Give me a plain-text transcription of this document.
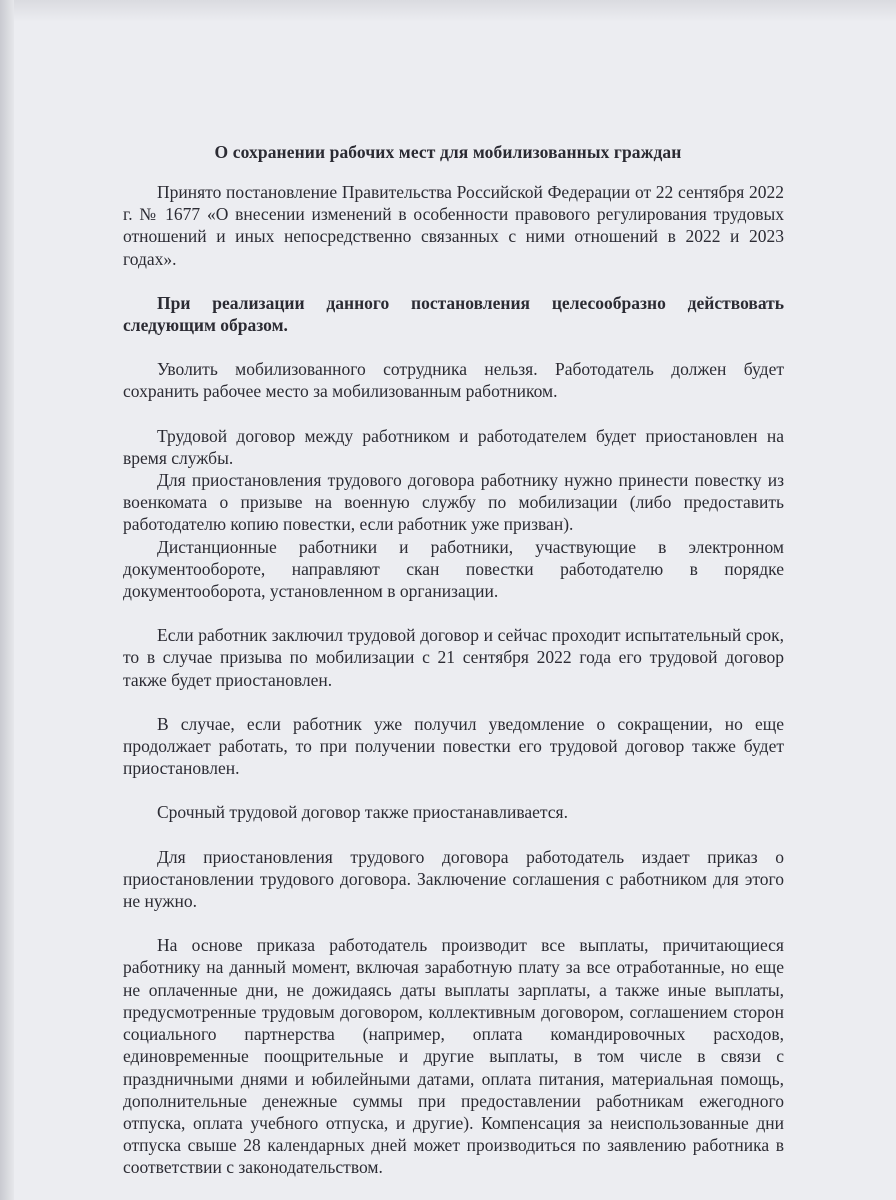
О сохранении рабочих мест для мобилизованных граждан

Принято постановление Правительства Российской Федерации от 22 сентября 2022 г. № 1677 «О внесении изменений в особенности правового регулирования трудовых отношений и иных непосредственно связанных с ними отношений в 2022 и 2023 годах».

При реализации данного постановления целесообразно действовать следующим образом.

Уволить мобилизованного сотрудника нельзя. Работодатель должен будет сохранить рабочее место за мобилизованным работником.

Трудовой договор между работником и работодателем будет приостановлен на время службы.

Для приостановления трудового договора работнику нужно принести повестку из военкомата о призыве на военную службу по мобилизации (либо предоставить работодателю копию повестки, если работник уже призван).

Дистанционные работники и работники, участвующие в электронном документообороте, направляют скан повестки работодателю в порядке документооборота, установленном в организации.

Если работник заключил трудовой договор и сейчас проходит испытательный срок, то в случае призыва по мобилизации с 21 сентября 2022 года его трудовой договор также будет приостановлен.

В случае, если работник уже получил уведомление о сокращении, но еще продолжает работать, то при получении повестки его трудовой договор также будет приостановлен.

Срочный трудовой договор также приостанавливается.

Для приостановления трудового договора работодатель издает приказ о приостановлении трудового договора. Заключение соглашения с работником для этого не нужно.

На основе приказа работодатель производит все выплаты, причитающиеся работнику на данный момент, включая заработную плату за все отработанные, но еще не оплаченные дни, не дожидаясь даты выплаты зарплаты, а также иные выплаты, предусмотренные трудовым договором, коллективным договором, соглашением сторон социального партнерства (например, оплата командировочных расходов, единовременные поощрительные и другие выплаты, в том числе в связи с праздничными днями и юбилейными датами, оплата питания, материальная помощь, дополнительные денежные суммы при предоставлении работникам ежегодного отпуска, оплата учебного отпуска, и другие). Компенсация за неиспользованные дни отпуска свыше 28 календарных дней может производиться по заявлению работника в соответствии с законодательством.
